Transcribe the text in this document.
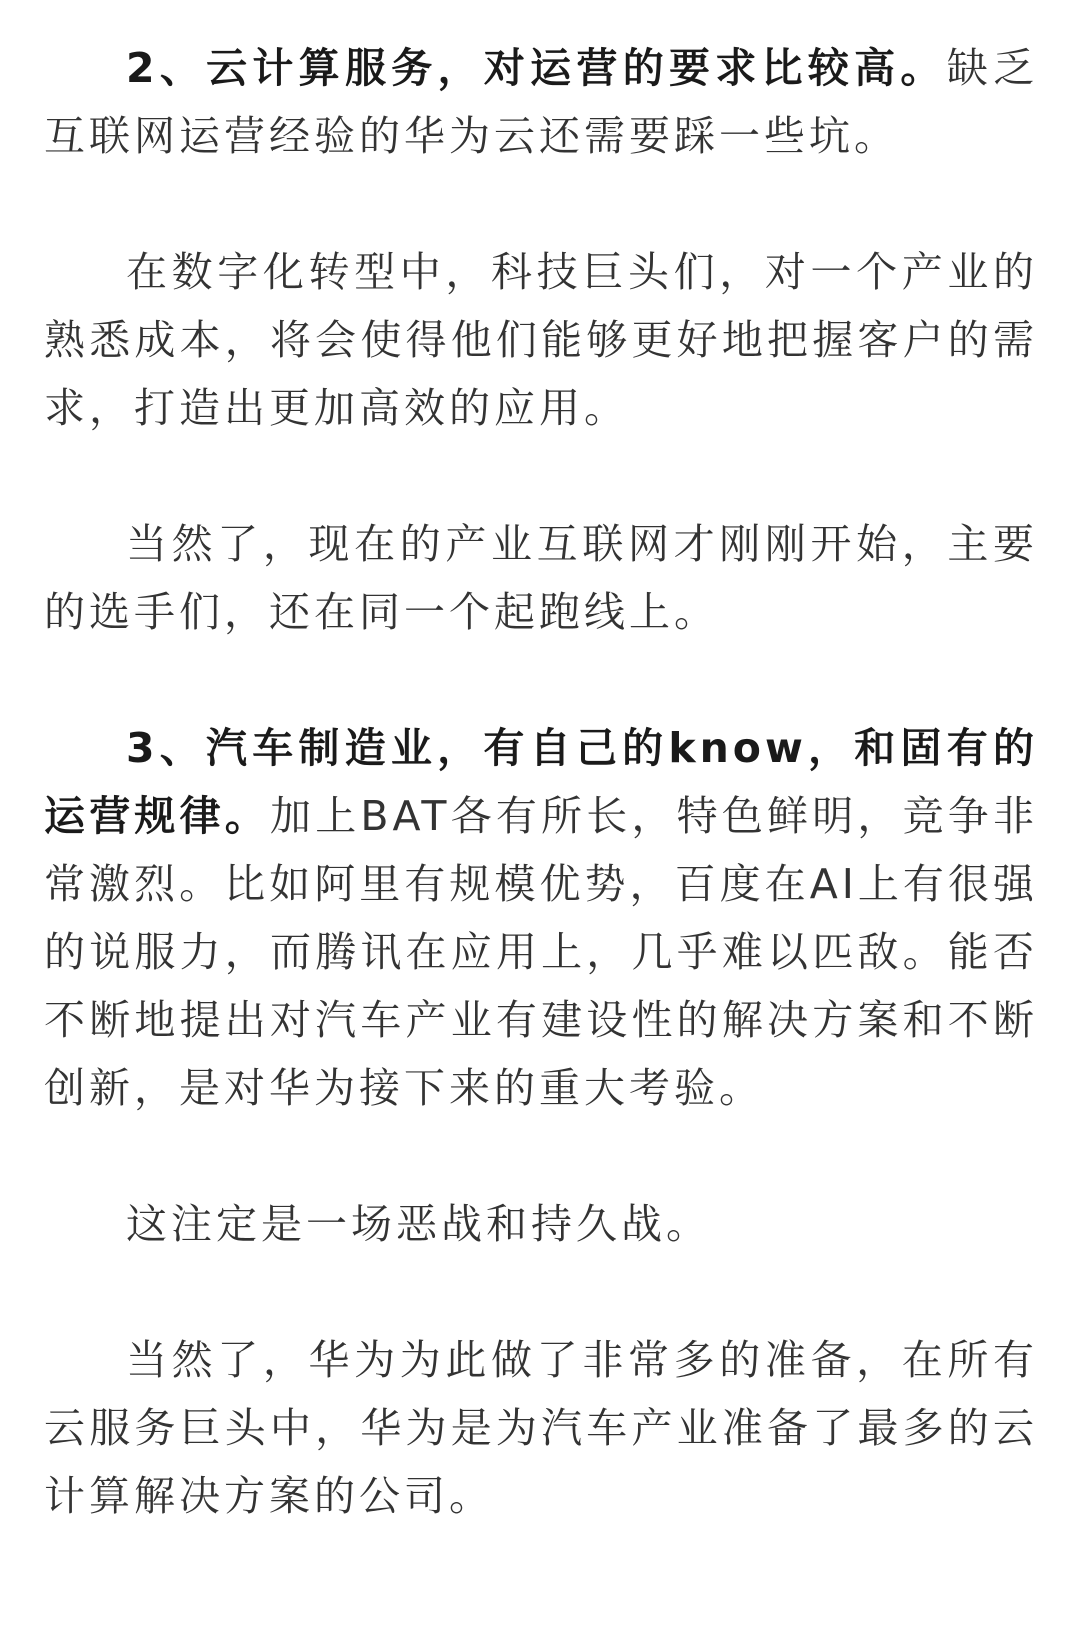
2、云计算服务，对运营的要求比较高。缺乏互联网运营经验的华为云还需要踩一些坑。

在数字化转型中，科技巨头们，对一个产业的熟悉成本，将会使得他们能够更好地把握客户的需求，打造出更加高效的应用。

当然了，现在的产业互联网才刚刚开始，主要的选手们，还在同一个起跑线上。

3、汽车制造业，有自己的know，和固有的运营规律。加上BAT各有所长，特色鲜明，竞争非常激烈。比如阿里有规模优势，百度在AI上有很强的说服力，而腾讯在应用上，几乎难以匹敌。能否不断地提出对汽车产业有建设性的解决方案和不断创新，是对华为接下来的重大考验。

这注定是一场恶战和持久战。

当然了，华为为此做了非常多的准备，在所有云服务巨头中，华为是为汽车产业准备了最多的云计算解决方案的公司。
